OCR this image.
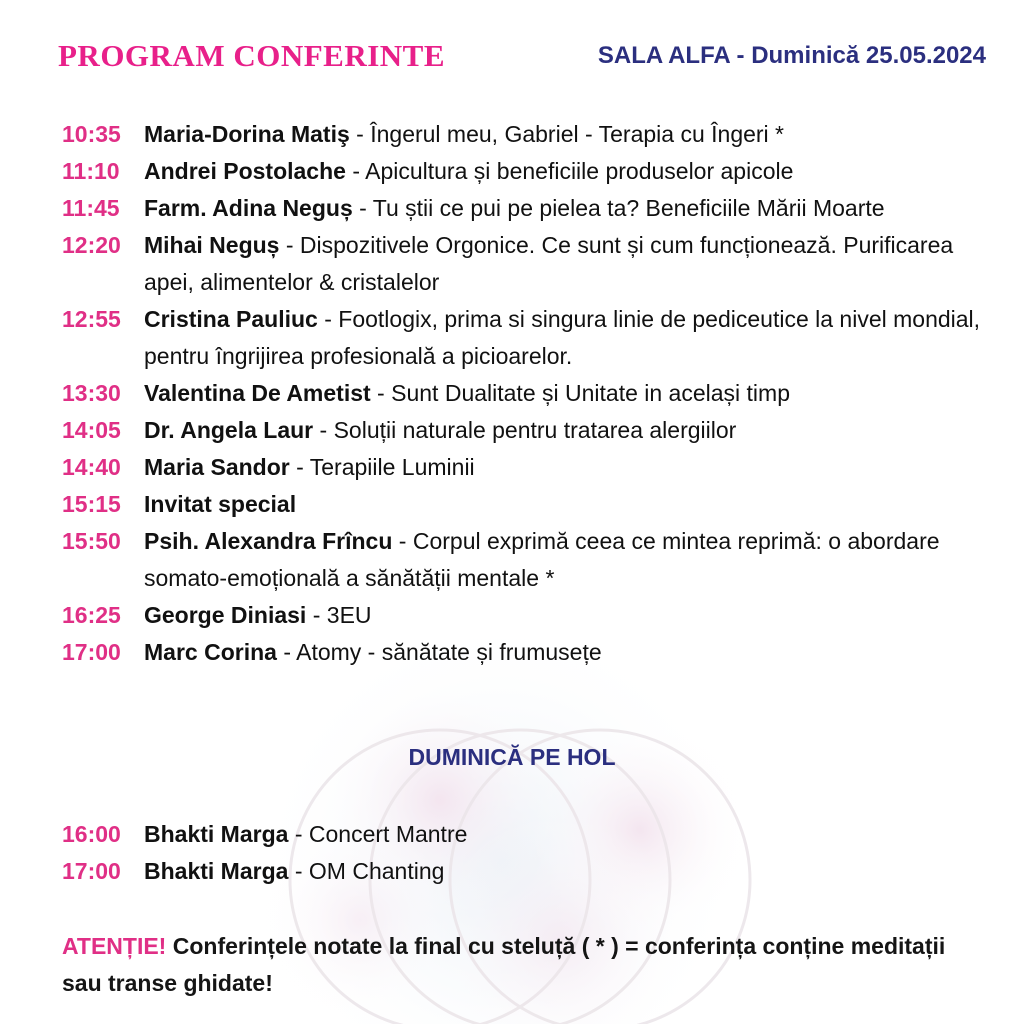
PROGRAM CONFERINTE	SALA ALFA - Duminică 25.05.2024
10:35	Maria-Dorina Matiş - Îngerul meu, Gabriel - Terapia cu Îngeri *
11:10	Andrei Postolache - Apicultura și beneficiile produselor apicole
11:45	Farm. Adina Neguș - Tu știi ce pui pe pielea ta? Beneficiile Mării Moarte
12:20	Mihai Neguș - Dispozitivele Orgonice. Ce sunt și cum funcționează. Purificarea apei, alimentelor & cristalelor
12:55	Cristina Pauliuc - Footlogix, prima si singura linie de pediceutice la nivel mondial, pentru îngrijirea profesională a picioarelor.
13:30	Valentina De Ametist - Sunt Dualitate și Unitate in același timp
14:05	Dr. Angela Laur - Soluții naturale pentru tratarea alergiilor
14:40	Maria Sandor - Terapiile Luminii
15:15	Invitat special
15:50	Psih. Alexandra Frîncu - Corpul exprimă ceea ce mintea reprimă: o abordare somato-emoțională a sănătății mentale *
16:25	George Diniasi - 3EU
17:00	Marc Corina - Atomy - sănătate și frumusețe
DUMINICĂ PE HOL
16:00	Bhakti Marga - Concert Mantre
17:00	Bhakti Marga - OM Chanting
ATENȚIE! Conferințele notate la final cu steluță ( * ) = conferința conține meditații sau transe ghidate!
